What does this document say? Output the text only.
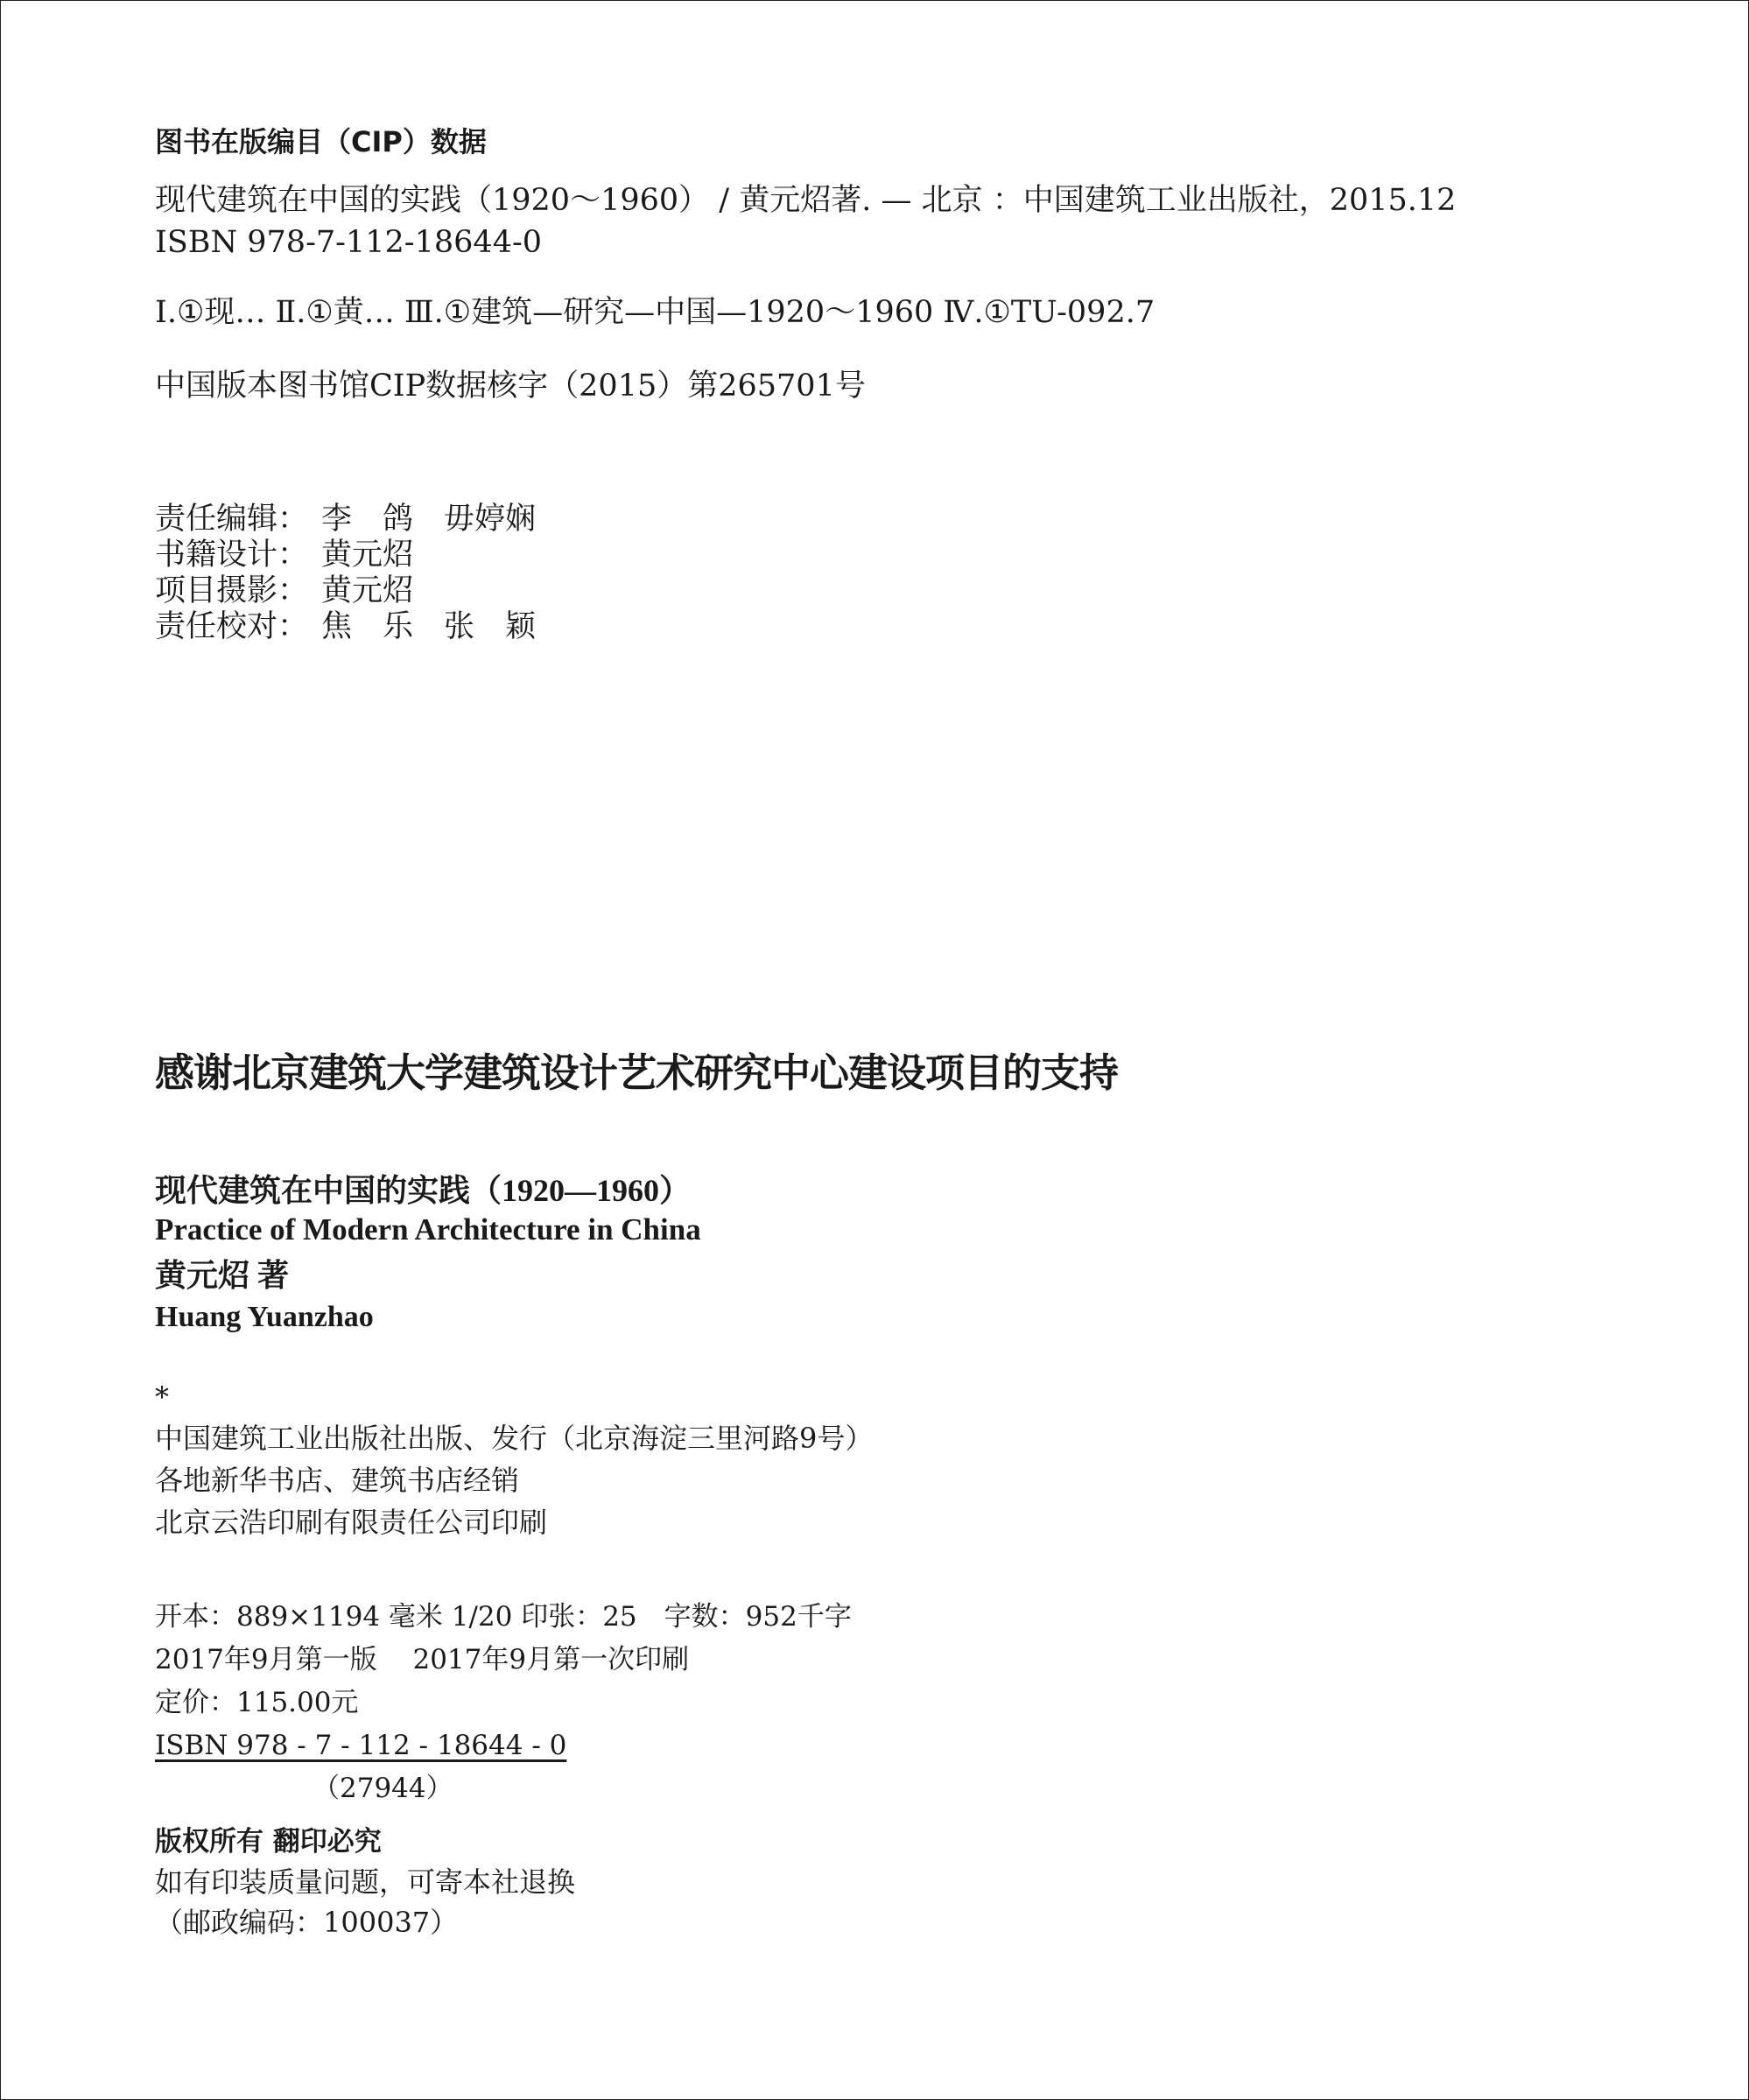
图书在版编目（CIP）数据
现代建筑在中国的实践（1920～1960） / 黄元炤著. — 北京 ：中国建筑工业出版社，2015.12
ISBN 978-7-112-18644-0
Ⅰ.①现… Ⅱ.①黄… Ⅲ.①建筑—研究—中国—1920～1960 Ⅳ.①TU-092.7
中国版本图书馆CIP数据核字（2015）第265701号
责任编辑： 李　鸽　毋婷娴
书籍设计： 黄元炤
项目摄影： 黄元炤
责任校对： 焦　乐　张　颖
感谢北京建筑大学建筑设计艺术研究中心建设项目的支持
现代建筑在中国的实践（1920—1960）
Practice of Modern Architecture in China
黄元炤 著
Huang Yuanzhao
*
中国建筑工业出版社出版、发行（北京海淀三里河路9号）
各地新华书店、建筑书店经销
北京云浩印刷有限责任公司印刷
开本：889×1194 毫米 1/20 印张：25　字数：952千字
2017年9月第一版　 2017年9月第一次印刷
定价：115.00元
ISBN 978 - 7 - 112 - 18644 - 0
（27944）
版权所有 翻印必究
如有印装质量问题，可寄本社退换
（邮政编码：100037）
